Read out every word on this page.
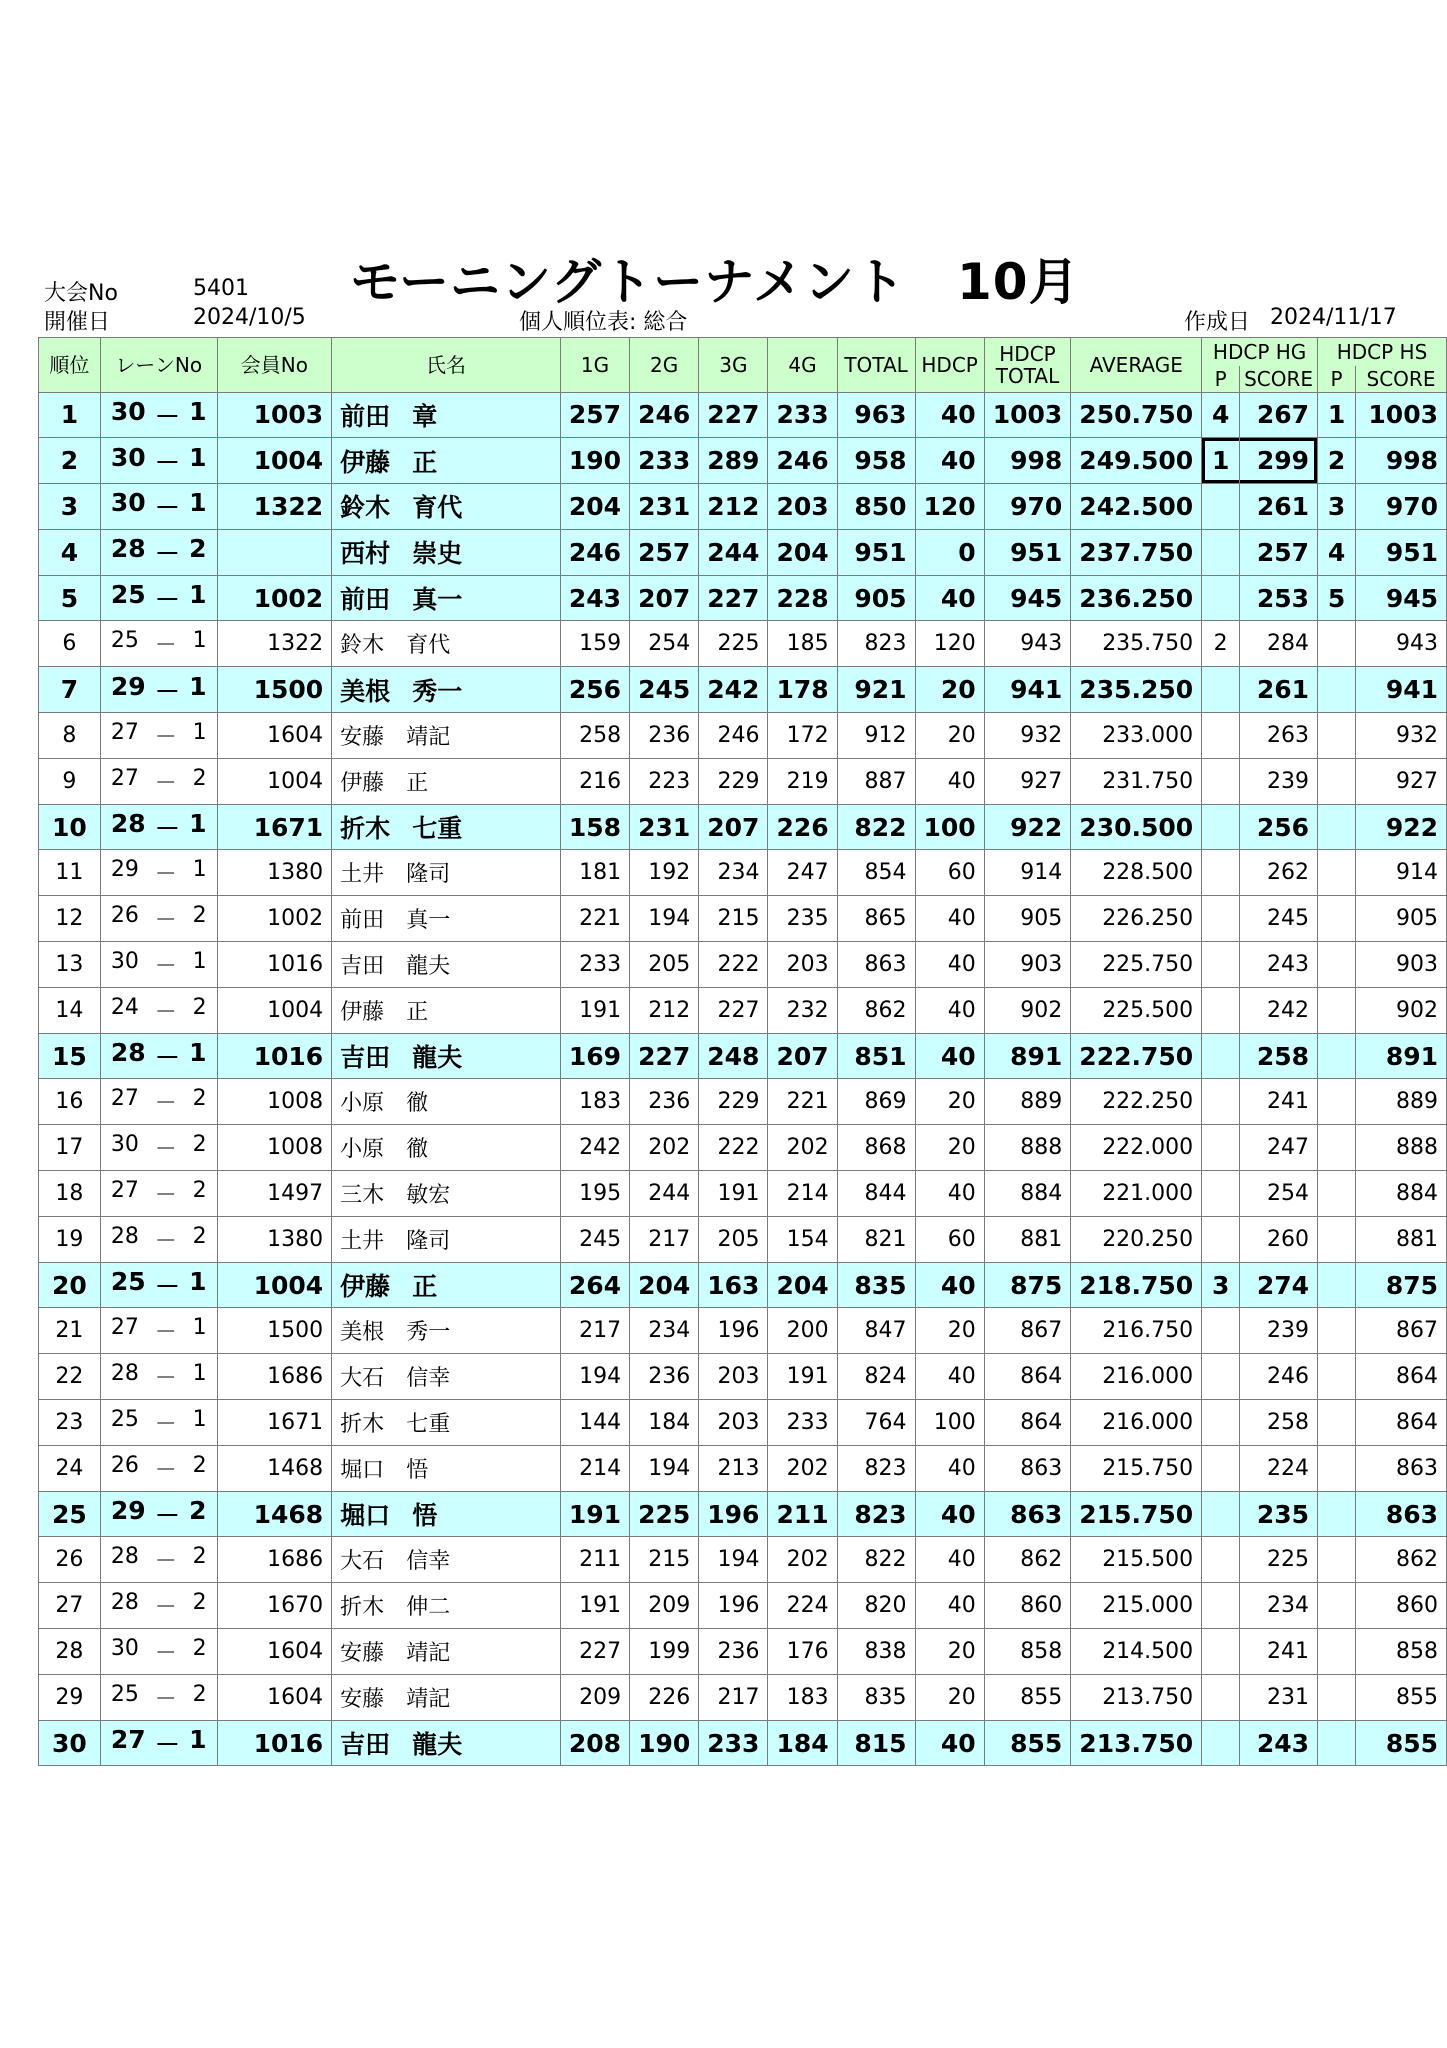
大会No	5401
開催日	2024/10/5
モーニングトーナメント　10月
個人順位表: 総合	作成日 2024/11/17
順位	レーンNo	会員No	氏名	1G	2G	3G	4G	TOTAL	HDCP	HDCP
TOTAL	AVERAGE	HDCP HG		HDCP HS	
												P	SCORE	P	SCORE
1	30 － 1	1003	前田 章	257	246	227	233	963	40	1003	250.750	4	267	1	1003
2	30 － 1	1004	伊藤 正	190	233	289	246	958	40	998	249.500	1	299	2	998
3	30 － 1	1322	鈴木 育代	204	231	212	203	850	120	970	242.500		261	3	970
4	28 － 2		西村 崇史	246	257	244	204	951	0	951	237.750		257	4	951
5	25 － 1	1002	前田 真一	243	207	227	228	905	40	945	236.250		253	5	945
6	25 － 1	1322	鈴木 育代	159	254	225	185	823	120	943	235.750	2	284		943
7	29 － 1	1500	美根 秀一	256	245	242	178	921	20	941	235.250		261		941
8	27 － 1	1604	安藤 靖記	258	236	246	172	912	20	932	233.000		263		932
9	27 － 2	1004	伊藤 正	216	223	229	219	887	40	927	231.750		239		927
10	28 － 1	1671	折木 七重	158	231	207	226	822	100	922	230.500		256		922
11	29 － 1	1380	土井 隆司	181	192	234	247	854	60	914	228.500		262		914
12	26 － 2	1002	前田 真一	221	194	215	235	865	40	905	226.250		245		905
13	30 － 1	1016	吉田 龍夫	233	205	222	203	863	40	903	225.750		243		903
14	24 － 2	1004	伊藤 正	191	212	227	232	862	40	902	225.500		242		902
15	28 － 1	1016	吉田 龍夫	169	227	248	207	851	40	891	222.750		258		891
16	27 － 2	1008	小原 徹	183	236	229	221	869	20	889	222.250		241		889
17	30 － 2	1008	小原 徹	242	202	222	202	868	20	888	222.000		247		888
18	27 － 2	1497	三木 敏宏	195	244	191	214	844	40	884	221.000		254		884
19	28 － 2	1380	土井 隆司	245	217	205	154	821	60	881	220.250		260		881
20	25 － 1	1004	伊藤 正	264	204	163	204	835	40	875	218.750	3	274		875
21	27 － 1	1500	美根 秀一	217	234	196	200	847	20	867	216.750		239		867
22	28 － 1	1686	大石 信幸	194	236	203	191	824	40	864	216.000		246		864
23	25 － 1	1671	折木 七重	144	184	203	233	764	100	864	216.000		258		864
24	26 － 2	1468	堀口 悟	214	194	213	202	823	40	863	215.750		224		863
25	29 － 2	1468	堀口 悟	191	225	196	211	823	40	863	215.750		235		863
26	28 － 2	1686	大石 信幸	211	215	194	202	822	40	862	215.500		225		862
27	28 － 2	1670	折木 伸二	191	209	196	224	820	40	860	215.000		234		860
28	30 － 2	1604	安藤 靖記	227	199	236	176	838	20	858	214.500		241		858
29	25 － 2	1604	安藤 靖記	209	226	217	183	835	20	855	213.750		231		855
30	27 － 1	1016	吉田 龍夫	208	190	233	184	815	40	855	213.750		243		855
